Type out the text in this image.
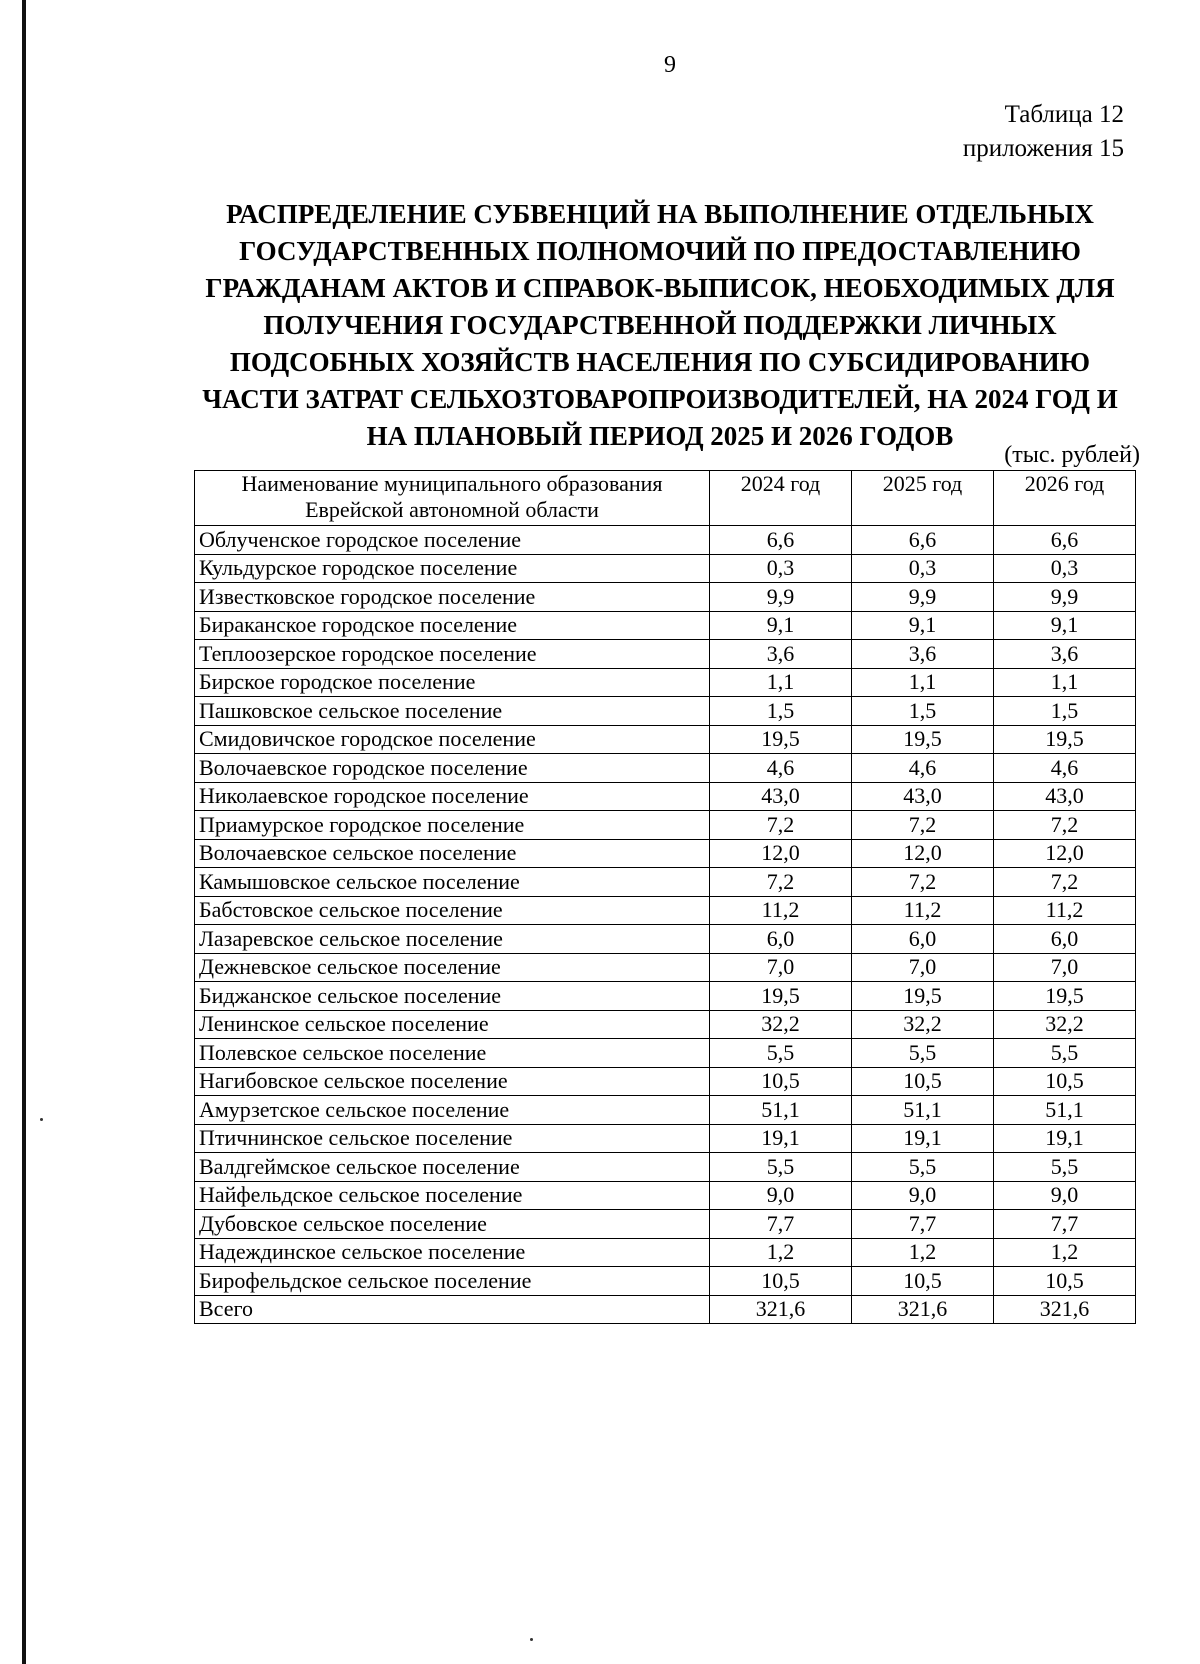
9
Таблица 12
приложения 15
РАСПРЕДЕЛЕНИЕ СУБВЕНЦИЙ НА ВЫПОЛНЕНИЕ ОТДЕЛЬНЫХ ГОСУДАРСТВЕННЫХ ПОЛНОМОЧИЙ ПО ПРЕДОСТАВЛЕНИЮ ГРАЖДАНАМ АКТОВ И СПРАВОК-ВЫПИСОК, НЕОБХОДИМЫХ ДЛЯ ПОЛУЧЕНИЯ ГОСУДАРСТВЕННОЙ ПОДДЕРЖКИ ЛИЧНЫХ ПОДСОБНЫХ ХОЗЯЙСТВ НАСЕЛЕНИЯ ПО СУБСИДИРОВАНИЮ ЧАСТИ ЗАТРАТ СЕЛЬХОЗТОВАРОПРОИЗВОДИТЕЛЕЙ, НА 2024 ГОД И НА ПЛАНОВЫЙ ПЕРИОД 2025 И 2026 ГОДОВ
(тыс. рублей)
Наименование муниципального образования Еврейской автономной области	2024 год	2025 год	2026 год
Облученское городское поселение	6,6	6,6	6,6
Кульдурское городское поселение	0,3	0,3	0,3
Известковское городское поселение	9,9	9,9	9,9
Бираканское городское поселение	9,1	9,1	9,1
Теплоозерское городское поселение	3,6	3,6	3,6
Бирское городское поселение	1,1	1,1	1,1
Пашковское сельское поселение	1,5	1,5	1,5
Смидовичское городское поселение	19,5	19,5	19,5
Волочаевское городское поселение	4,6	4,6	4,6
Николаевское городское поселение	43,0	43,0	43,0
Приамурское городское поселение	7,2	7,2	7,2
Волочаевское сельское поселение	12,0	12,0	12,0
Камышовское сельское поселение	7,2	7,2	7,2
Бабстовское сельское поселение	11,2	11,2	11,2
Лазаревское сельское поселение	6,0	6,0	6,0
Дежневское сельское поселение	7,0	7,0	7,0
Биджанское сельское поселение	19,5	19,5	19,5
Ленинское сельское поселение	32,2	32,2	32,2
Полевское сельское поселение	5,5	5,5	5,5
Нагибовское сельское поселение	10,5	10,5	10,5
Амурзетское сельское поселение	51,1	51,1	51,1
Птичнинское сельское поселение	19,1	19,1	19,1
Валдгеймское сельское поселение	5,5	5,5	5,5
Найфельдское сельское поселение	9,0	9,0	9,0
Дубовское сельское поселение	7,7	7,7	7,7
Надеждинское сельское поселение	1,2	1,2	1,2
Бирофельдское сельское поселение	10,5	10,5	10,5
Всего	321,6	321,6	321,6
